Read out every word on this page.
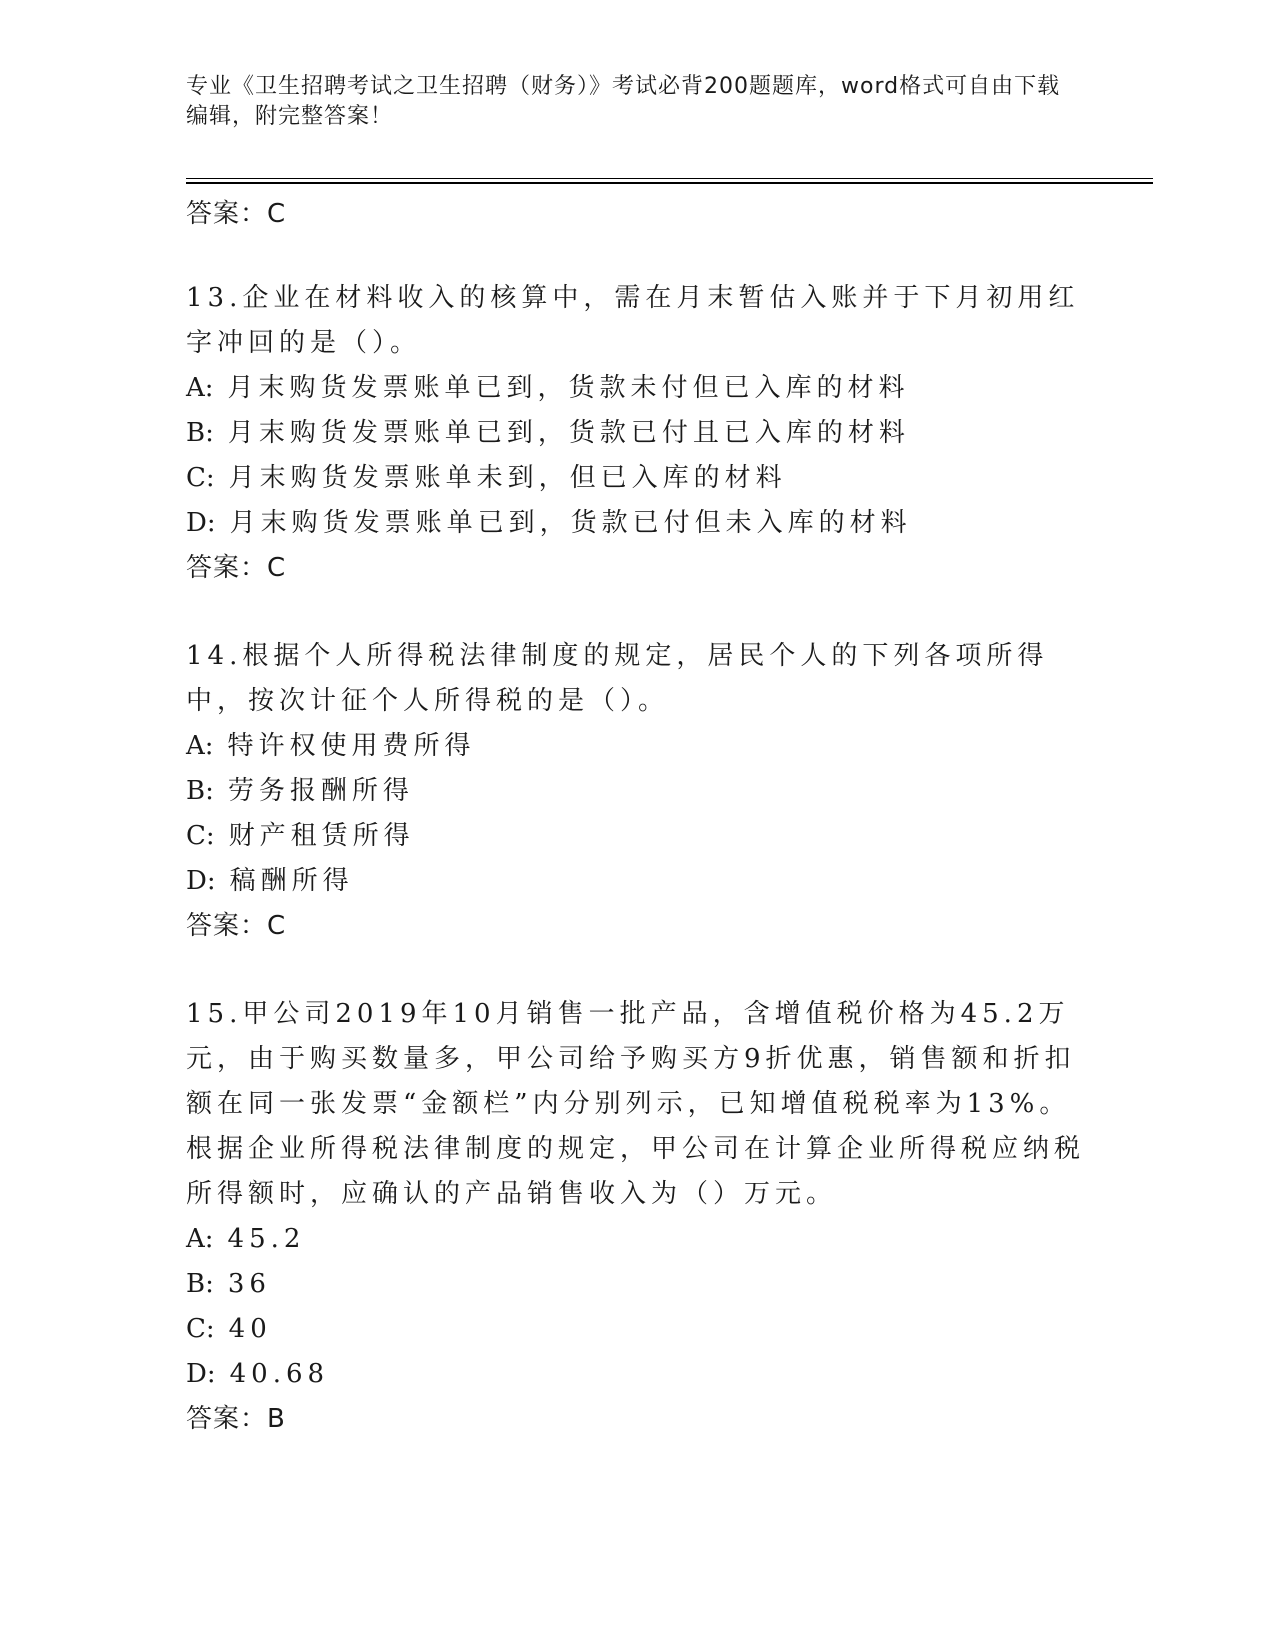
专业《卫生招聘考试之卫生招聘（财务）》考试必背200题题库，word格式可自由下载编辑，附完整答案！
答案：C

13.企业在材料收入的核算中，需在月末暂估入账并于下月初用红字冲回的是（）。

A: 月末购货发票账单已到，货款未付但已入库的材料
B: 月末购货发票账单已到，货款已付且已入库的材料
C: 月末购货发票账单未到，但已入库的材料
D: 月末购货发票账单已到，货款已付但未入库的材料
答案：C

14.根据个人所得税法律制度的规定，居民个人的下列各项所得中，按次计征个人所得税的是（）。

A: 特许权使用费所得
B: 劳务报酬所得
C: 财产租赁所得
D: 稿酬所得
答案：C

15.甲公司2019年10月销售一批产品，含增值税价格为45.2万元，由于购买数量多，甲公司给予购买方9折优惠，销售额和折扣额在同一张发票“金额栏”内分别列示，已知增值税税率为13%。根据企业所得税法律制度的规定，甲公司在计算企业所得税应纳税所得额时，应确认的产品销售收入为（）万元。

A: 45.2
B: 36
C: 40
D: 40.68
答案：B
